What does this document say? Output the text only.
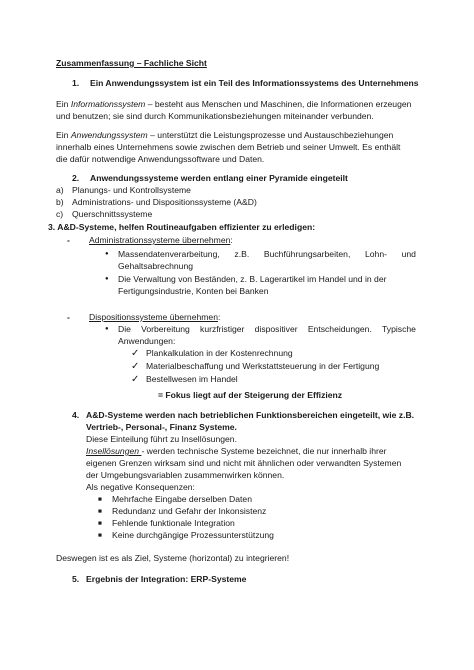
Zusammenfassung – Fachliche Sicht
1. Ein Anwendungssystem ist ein Teil des Informationssystems des Unternehmens
Ein Informationssystem – besteht aus Menschen und Maschinen, die Informationen erzeugen
und benutzen; sie sind durch Kommunikationsbeziehungen miteinander verbunden.
Ein Anwendungssystem – unterstützt die Leistungsprozesse und Austauschbeziehungen
innerhalb eines Unternehmens sowie zwischen dem Betrieb und seiner Umwelt. Es enthält
die dafür notwendige Anwendungssoftware und Daten.
2. Anwendungssysteme werden entlang einer Pyramide eingeteilt
a) Planungs- und Kontrollsysteme
b) Administrations- und Dispositionssysteme (A&D)
c) Querschnittssysteme
3. A&D-Systeme, helfen Routineaufgaben effizienter zu erledigen:
- Administrationssysteme übernehmen:
● Massendatenverarbeitung, z.B. Buchführungsarbeiten, Lohn- und
Gehaltsabrechnung
● Die Verwaltung von Beständen, z. B. Lagerartikel im Handel und in der
Fertigungsindustrie, Konten bei Banken
- Dispositionssysteme übernehmen:
● Die Vorbereitung kurzfristiger dispositiver Entscheidungen. Typische
Anwendungen:
✓ Plankalkulation in der Kostenrechnung
✓ Materialbeschaffung und Werkstattsteuerung in der Fertigung
✓ Bestellwesen im Handel
= Fokus liegt auf der Steigerung der Effizienz
4. A&D-Systeme werden nach betrieblichen Funktionsbereichen eingeteilt, wie z.B.
Vertrieb-, Personal-, Finanz Systeme.
Diese Einteilung führt zu Insellösungen.
Insellösungen - werden technische Systeme bezeichnet, die nur innerhalb ihrer
eigenen Grenzen wirksam sind und nicht mit ähnlichen oder verwandten Systemen
der Umgebungsvariablen zusammenwirken können.
Als negative Konsequenzen:
■ Mehrfache Eingabe derselben Daten
■ Redundanz und Gefahr der Inkonsistenz
■ Fehlende funktionale Integration
■ Keine durchgängige Prozessunterstützung
Deswegen ist es als Ziel, Systeme (horizontal) zu integrieren!
5. Ergebnis der Integration: ERP-Systeme
